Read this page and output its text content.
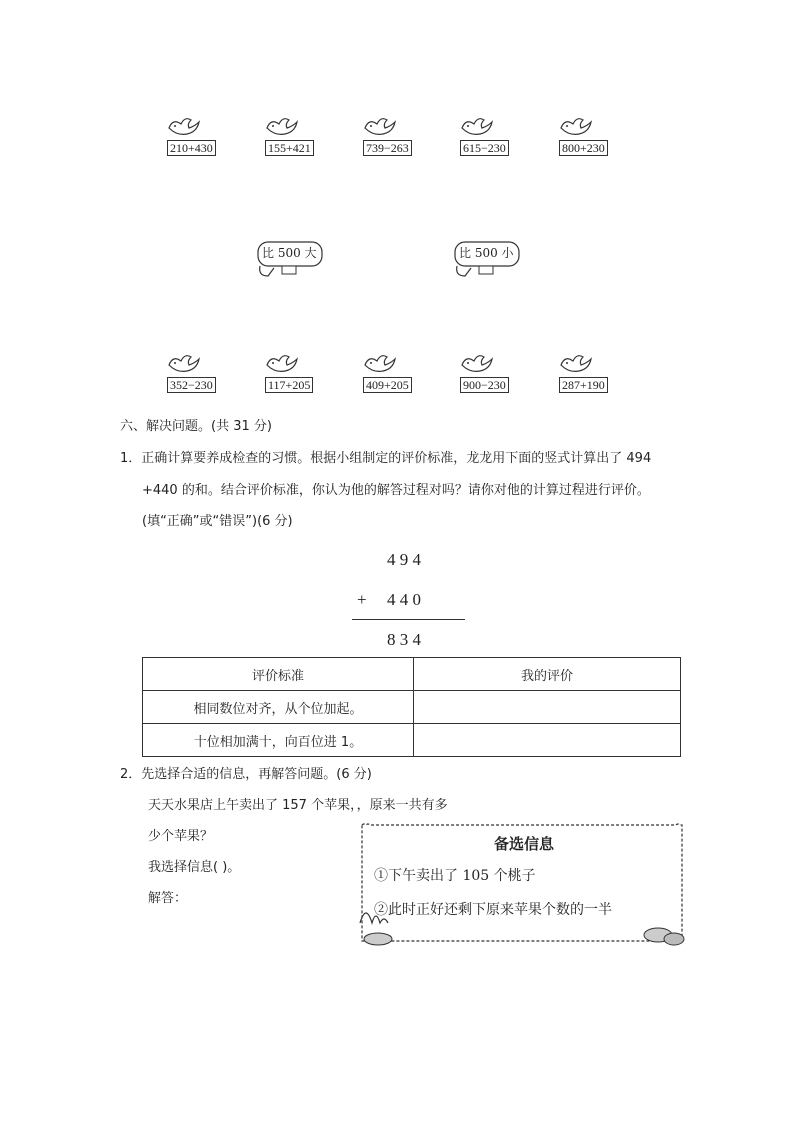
210+430	155+421	739−263	615−230	800+230
比 500 大	比 500 小
352−230	117+205	409+205	900−230	287+190
六、解决问题。(共 31 分)
1．正确计算要养成检查的习惯。根据小组制定的评价标准，龙龙用下面的竖式计算出了 494
+440 的和。结合评价标准，你认为他的解答过程对吗？请你对他的计算过程进行评价。
(填“正确”或“错误”)(6 分)
4 9 4
+ 4 4 0
8 3 4
评价标准	我的评价
相同数位对齐，从个位加起。	
十位相加满十，向百位进 1。	
2．先选择合适的信息，再解答问题。(6 分)
天天水果店上午卖出了 157 个苹果，，原来一共有多
少个苹果？
我选择信息( )。
解答：
备选信息
①下午卖出了 105 个桃子
②此时正好还剩下原来苹果个数的一半
